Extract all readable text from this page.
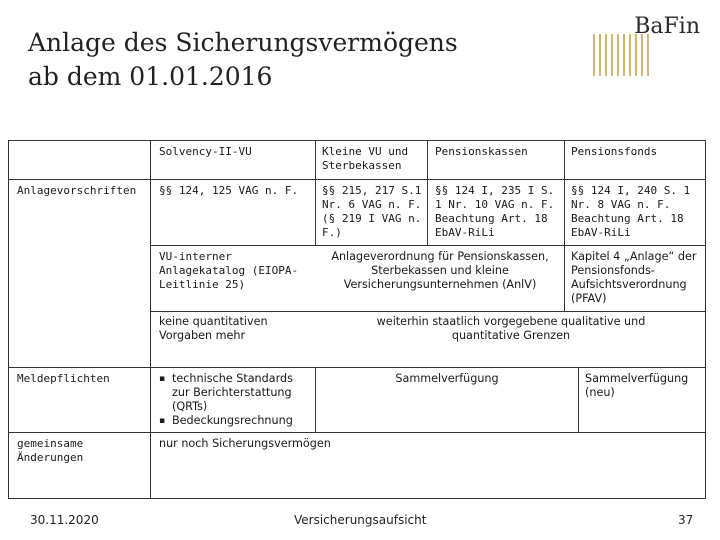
Anlage des Sicherungsvermögens
ab dem 01.01.2016
BaFin
Solvency-II-VU	Kleine VU und Sterbekassen
Pensionskassen	Pensionsfonds
Anlagevorschriften	§§ 124, 125 VAG n. F.	§§ 215, 217 S.1 Nr. 6 VAG n. F. (§ 219 I VAG n. F.)
§§ 124 I, 235 I S. 1 Nr. 10 VAG n. F. Beachtung Art. 18 EbAV-RiLi
§§ 124 I, 240 S. 1 Nr. 8 VAG n. F. Beachtung Art. 18 EbAV-RiLi
VU-interner Anlagekatalog (EIOPA-Leitlinie 25)
Anlageverordnung für Pensionskassen, Sterbekassen und kleine Versicherungsunternehmen (AnlV)
Kapitel 4 „Anlage“ der Pensionsfonds-Aufsichtsverordnung (PFAV)
keine quantitativen Vorgaben mehr
weiterhin staatlich vorgegebene qualitative und quantitative Grenzen
Meldepflichten
▪	technische Standards zur Berichterstattung (QRTs)
▪ Bedeckungsrechnung
Sammelverfügung	Sammelverfügung (neu)
gemeinsame Änderungen
nur noch Sicherungsvermögen
30.11.2020	Versicherungsaufsicht	37
